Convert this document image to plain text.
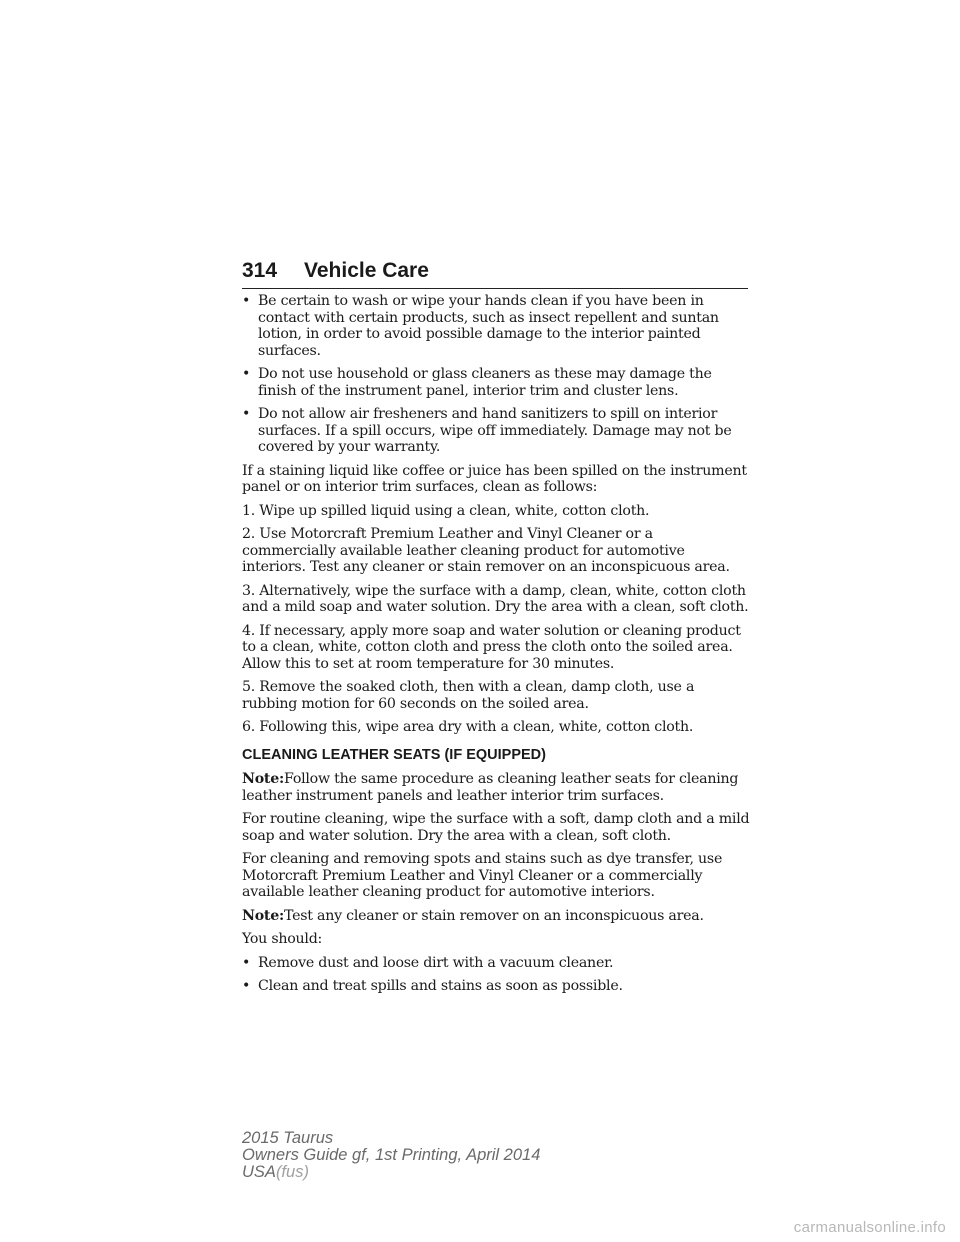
314 Vehicle Care
• Be certain to wash or wipe your hands clean if you have been in contact with certain products, such as insect repellent and suntan lotion, in order to avoid possible damage to the interior painted surfaces.
• Do not use household or glass cleaners as these may damage the finish of the instrument panel, interior trim and cluster lens.
• Do not allow air fresheners and hand sanitizers to spill on interior surfaces. If a spill occurs, wipe off immediately. Damage may not be covered by your warranty.

If a staining liquid like coffee or juice has been spilled on the instrument panel or on interior trim surfaces, clean as follows:

1. Wipe up spilled liquid using a clean, white, cotton cloth.

2. Use Motorcraft Premium Leather and Vinyl Cleaner or a commercially available leather cleaning product for automotive interiors. Test any cleaner or stain remover on an inconspicuous area.

3. Alternatively, wipe the surface with a damp, clean, white, cotton cloth and a mild soap and water solution. Dry the area with a clean, soft cloth.

4. If necessary, apply more soap and water solution or cleaning product to a clean, white, cotton cloth and press the cloth onto the soiled area. Allow this to set at room temperature for 30 minutes.

5. Remove the soaked cloth, then with a clean, damp cloth, use a rubbing motion for 60 seconds on the soiled area.

6. Following this, wipe area dry with a clean, white, cotton cloth.

CLEANING LEATHER SEATS (IF EQUIPPED)

Note:Follow the same procedure as cleaning leather seats for cleaning leather instrument panels and leather interior trim surfaces.

For routine cleaning, wipe the surface with a soft, damp cloth and a mild soap and water solution. Dry the area with a clean, soft cloth.

For cleaning and removing spots and stains such as dye transfer, use Motorcraft Premium Leather and Vinyl Cleaner or a commercially available leather cleaning product for automotive interiors.

Note:Test any cleaner or stain remover on an inconspicuous area.

You should:

• Remove dust and loose dirt with a vacuum cleaner.
• Clean and treat spills and stains as soon as possible.
2015 Taurus
Owners Guide gf, 1st Printing, April 2014
USA(fus)
carmanualsonline.info
